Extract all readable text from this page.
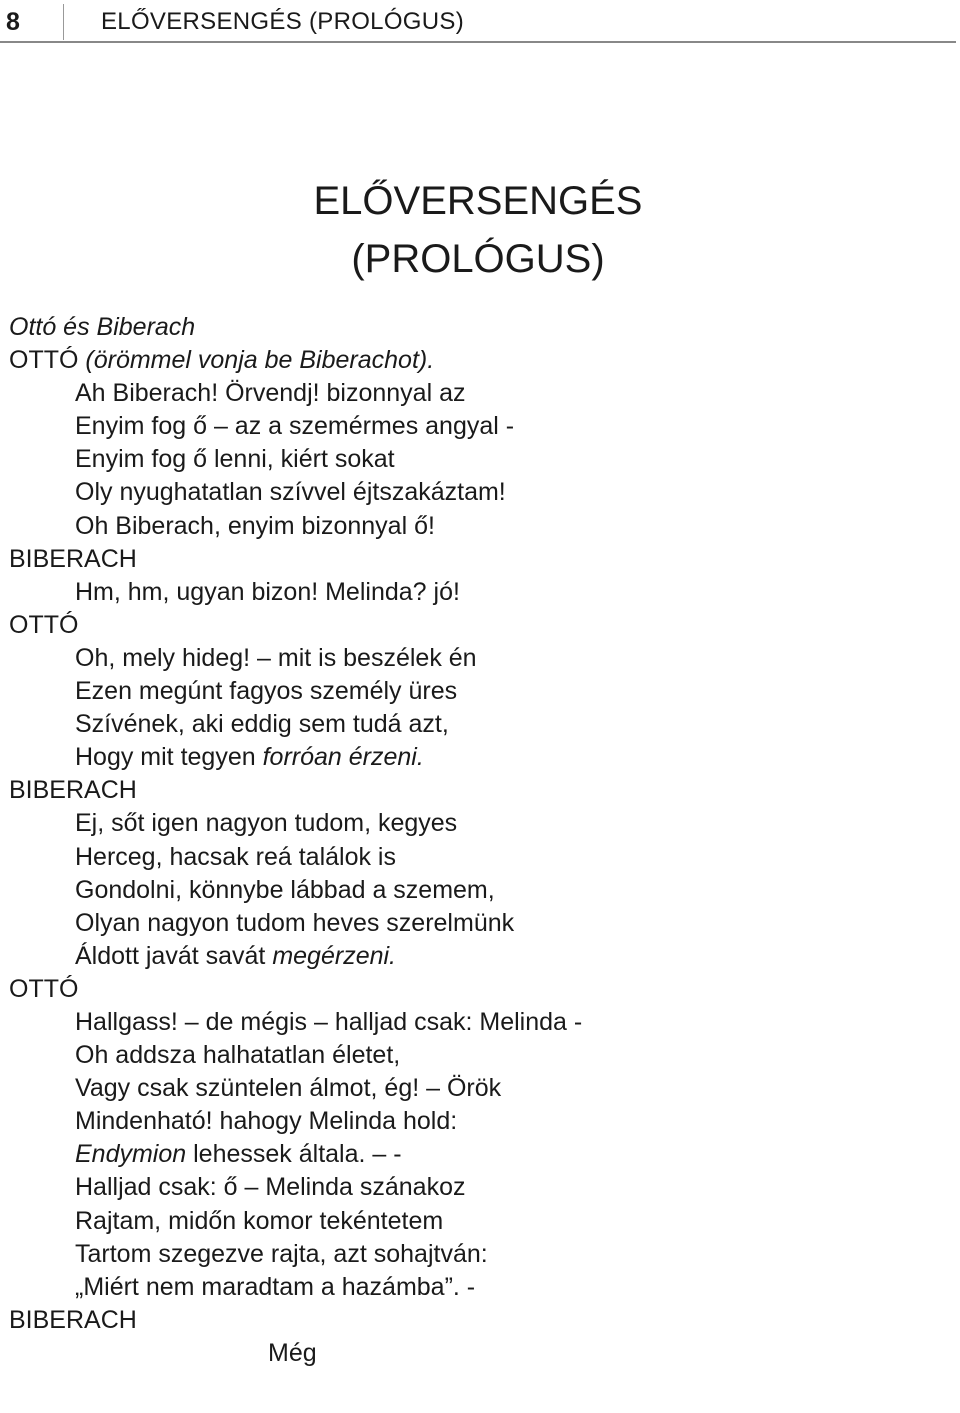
8	ELŐVERSENGÉS (PROLÓGUS)
ELŐVERSENGÉS
(PROLÓGUS)
Ottó és Biberach
OTTÓ (örömmel vonja be Biberachot).
Ah Biberach! Örvendj! bizonnyal az
Enyim fog ő – az a szemérmes angyal -
Enyim fog ő lenni, kiért sokat
Oly nyughatatlan szívvel éjtszakáztam!
Oh Biberach, enyim bizonnyal ő!
BIBERACH
Hm, hm, ugyan bizon! Melinda? jó!
OTTÓ
Oh, mely hideg! – mit is beszélek én
Ezen megúnt fagyos személy üres
Szívének, aki eddig sem tudá azt,
Hogy mit tegyen forróan érzeni.
BIBERACH
Ej, sőt igen nagyon tudom, kegyes
Herceg, hacsak reá találok is
Gondolni, könnybe lábbad a szemem,
Olyan nagyon tudom heves szerelmünk
Áldott javát savát megérzeni.
OTTÓ
Hallgass! – de mégis – halljad csak: Melinda -
Oh addsza halhatatlan életet,
Vagy csak szüntelen álmot, ég! – Örök
Mindenható! hahogy Melinda hold:
Endymion lehessek általa. – -
Halljad csak: ő – Melinda szánakoz
Rajtam, midőn komor tekéntetem
Tartom szegezve rajta, azt sohajtván:
„Miért nem maradtam a hazámba”. -
BIBERACH
Még
